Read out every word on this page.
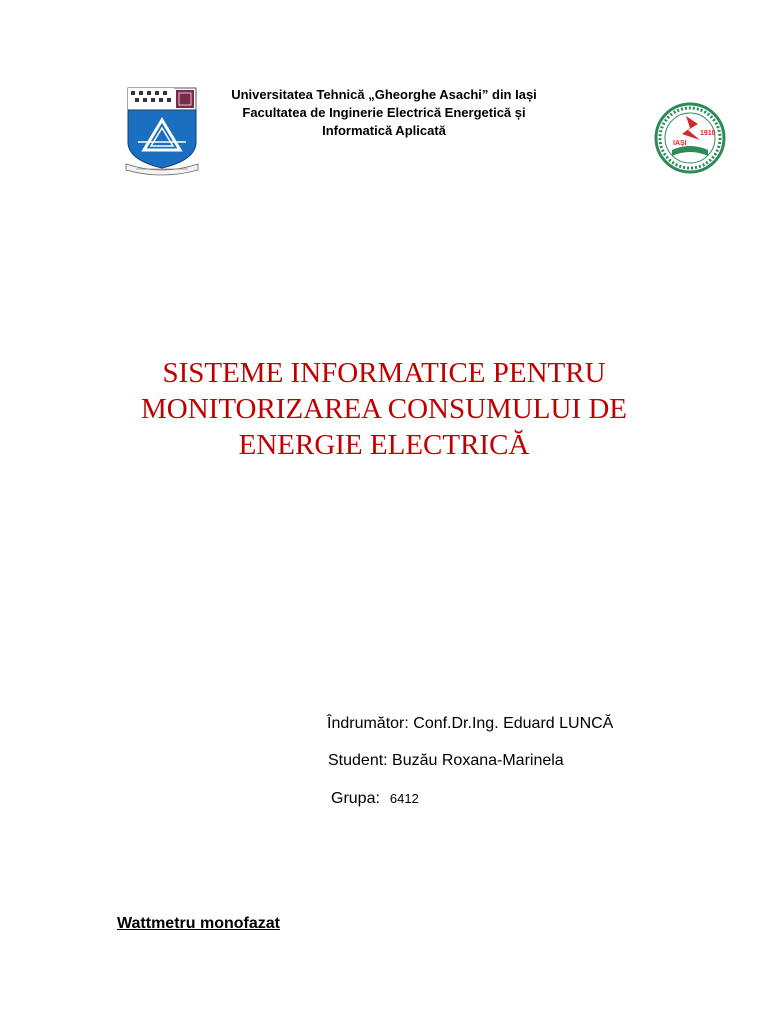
Universitatea Tehnică „Gheorghe Asachi” din Iași
Facultatea de Inginerie Electrică Energetică și
Informatică Aplicată	1910
IAȘI
SISTEME INFORMATICE PENTRU
MONITORIZAREA CONSUMULUI DE
ENERGIE ELECTRICĂ
Îndrumător: Conf.Dr.Ing. Eduard LUNCĂ
Student: Buzău Roxana-Marinela
Grupa: 6412
Wattmetru monofazat
